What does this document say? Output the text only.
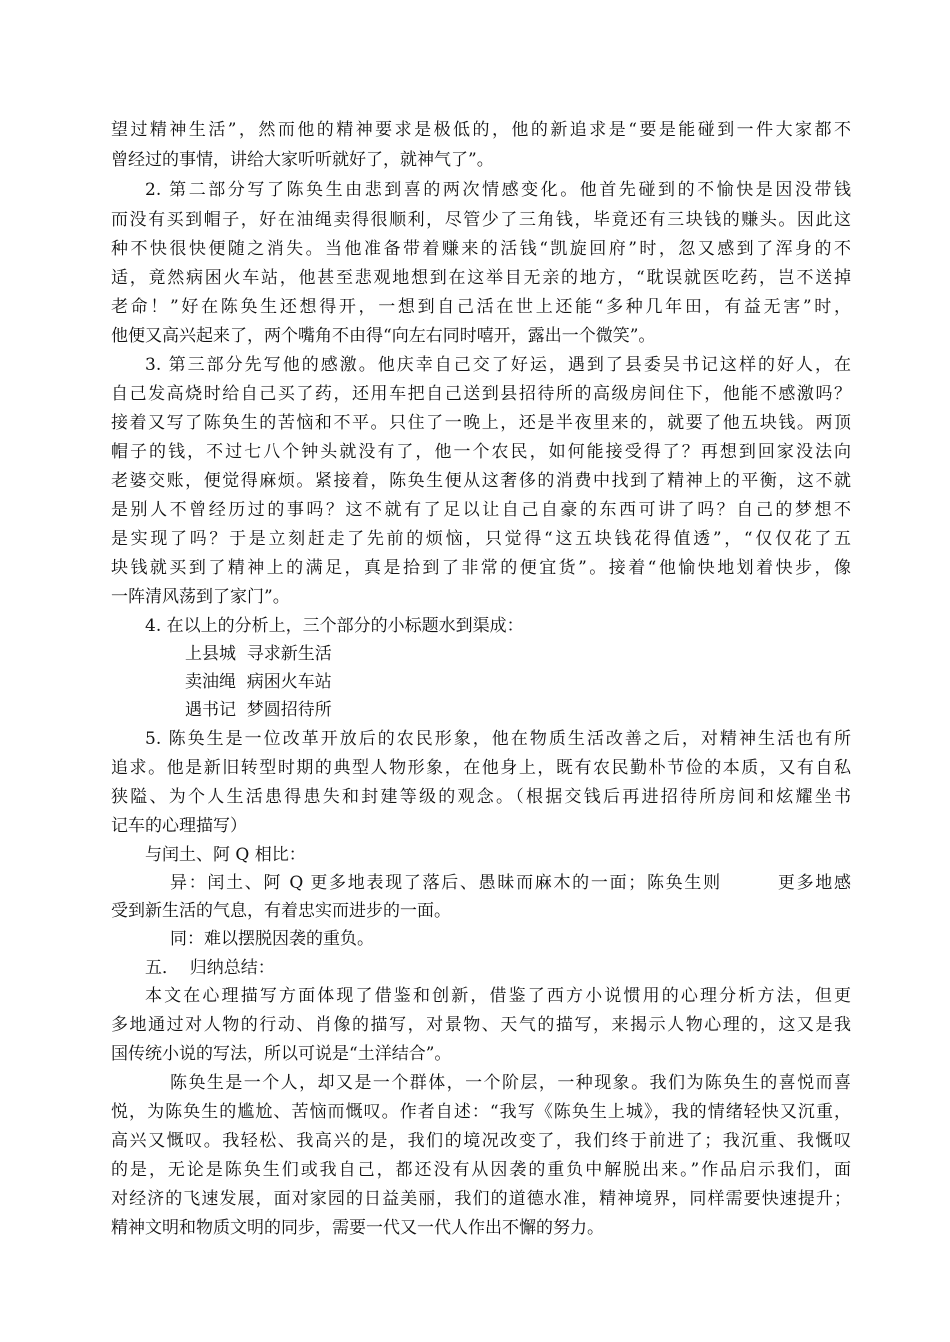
望过精神生活”，然而他的精神要求是极低的，他的新追求是“要是能碰到一件大家都不
曾经过的事情，讲给大家听听就好了，就神气了”。
2. 第二部分写了陈奂生由悲到喜的两次情感变化。他首先碰到的不愉快是因没带钱
而没有买到帽子，好在油绳卖得很顺利，尽管少了三角钱，毕竟还有三块钱的赚头。因此这
种不快很快便随之消失。当他准备带着赚来的活钱“凯旋回府”时，忽又感到了浑身的不
适，竟然病困火车站，他甚至悲观地想到在这举目无亲的地方，“耽误就医吃药，岂不送掉
老命！”好在陈奂生还想得开，一想到自己活在世上还能“多种几年田，有益无害”时，
他便又高兴起来了，两个嘴角不由得“向左右同时嘻开，露出一个微笑”。
3. 第三部分先写他的感激。他庆幸自己交了好运，遇到了县委吴书记这样的好人，在
自己发高烧时给自己买了药，还用车把自己送到县招待所的高级房间住下，他能不感激吗？
接着又写了陈奂生的苦恼和不平。只住了一晚上，还是半夜里来的，就要了他五块钱。两顶
帽子的钱，不过七八个钟头就没有了，他一个农民，如何能接受得了？再想到回家没法向
老婆交账，便觉得麻烦。紧接着，陈奂生便从这奢侈的消费中找到了精神上的平衡，这不就
是别人不曾经历过的事吗？这不就有了足以让自己自豪的东西可讲了吗？自己的梦想不
是实现了吗？于是立刻赶走了先前的烦恼，只觉得“这五块钱花得值透”，“仅仅花了五
块钱就买到了精神上的满足，真是拾到了非常的便宜货”。接着“他愉快地划着快步，像
一阵清风荡到了家门”。
4. 在以上的分析上，三个部分的小标题水到渠成：
上县城  寻求新生活
卖油绳  病困火车站
遇书记  梦圆招待所
5. 陈奂生是一位改革开放后的农民形象，他在物质生活改善之后，对精神生活也有所
追求。他是新旧转型时期的典型人物形象，在他身上，既有农民勤朴节俭的本质，又有自私
狭隘、为个人生活患得患失和封建等级的观念。（根据交钱后再进招待所房间和炫耀坐书
记车的心理描写）
与闰土、阿 Q 相比：
异：闰土、阿 Q 更多地表现了落后、愚昧而麻木的一面；陈奂生则　　　更多地感
受到新生活的气息，有着忠实而进步的一面。
同：难以摆脱因袭的重负。
五．  归纳总结：
本文在心理描写方面体现了借鉴和创新，借鉴了西方小说惯用的心理分析方法，但更
多地通过对人物的行动、肖像的描写，对景物、天气的描写，来揭示人物心理的，这又是我
国传统小说的写法，所以可说是“土洋结合”。
陈奂生是一个人，却又是一个群体，一个阶层，一种现象。我们为陈奂生的喜悦而喜
悦，为陈奂生的尴尬、苦恼而慨叹。作者自述：“我写《陈奂生上城》，我的情绪轻快又沉重，
高兴又慨叹。我轻松、我高兴的是，我们的境况改变了，我们终于前进了；我沉重、我慨叹
的是，无论是陈奂生们或我自己，都还没有从因袭的重负中解脱出来。”作品启示我们，面
对经济的飞速发展，面对家园的日益美丽，我们的道德水准，精神境界，同样需要快速提升；
精神文明和物质文明的同步，需要一代又一代人作出不懈的努力。
